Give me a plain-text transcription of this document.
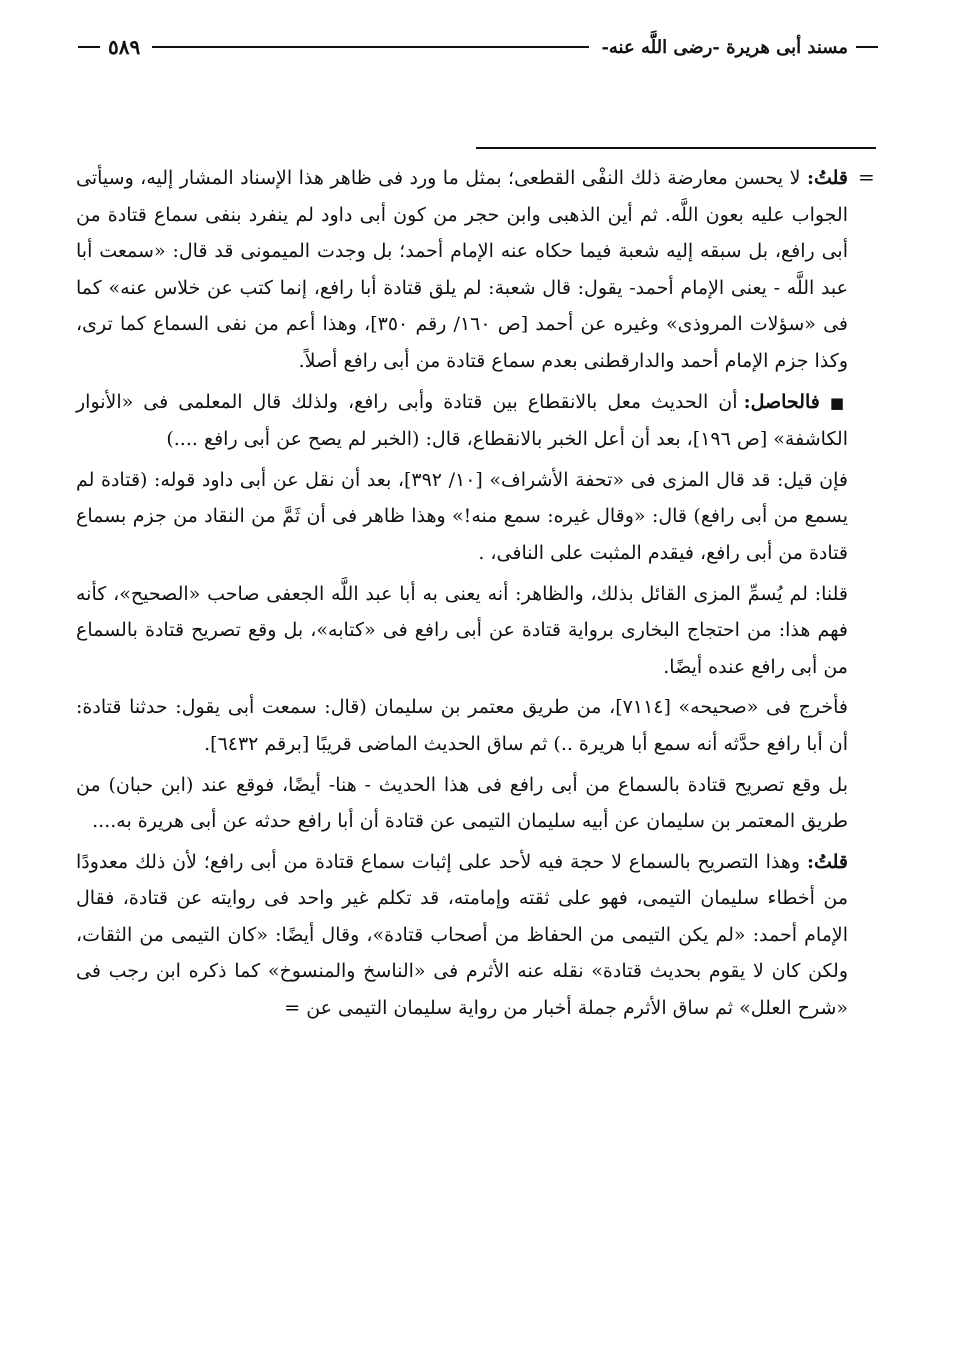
مسند أبى هريرة -رضى اللَّه عنه-
٥٨٩
=

قلتُ: لا يحسن معارضة ذلك النفْى القطعى؛ بمثل ما ورد فى ظاهر هذا الإسناد المشار إليه، وسيأتى الجواب عليه بعون اللَّه. ثم أين الذهبى وابن حجر من كون أبى داود لم ينفرد بنفى سماع قتادة من أبى رافع، بل سبقه إليه شعبة فيما حكاه عنه الإمام أحمد؛ بل وجدت الميمونى قد قال: «سمعت أبا عبد اللَّه - يعنى الإمام أحمد- يقول: قال شعبة: لم يلق قتادة أبا رافع، إنما كتب عن خلاس عنه» كما فى «سؤلات المروذى» وغيره عن أحمد [ص ١٦٠/ رقم ٣٥٠]، وهذا أعم من نفى السماع كما ترى، وكذا جزم الإمام أحمد والدارقطنى بعدم سماع قتادة من أبى رافع أصلاً.

■ فالحاصل: أن الحديث معل بالانقطاع بين قتادة وأبى رافع، ولذلك قال المعلمى فى «الأنوار الكاشفة» [ص ١٩٦]، بعد أن أعل الخبر بالانقطاع، قال: (الخبر لم يصح عن أبى رافع ....)

فإن قيل: قد قال المزى فى «تحفة الأشراف» [١٠/ ٣٩٢]، بعد أن نقل عن أبى داود قوله: (قتادة لم يسمع من أبى رافع) قال: «وقال غيره: سمع منه!» وهذا ظاهر فى أن ثَمَّ من النقاد من جزم بسماع قتادة من أبى رافع، فيقدم المثبت على النافى، .

قلنا: لم يُسمِّ المزى القائل بذلك، والظاهر: أنه يعنى به أبا عبد اللَّه الجعفى صاحب «الصحيح»، كأنه فهم هذا: من احتجاج البخارى برواية قتادة عن أبى رافع فى «كتابه»، بل وقع تصريح قتادة بالسماع من أبى رافع عنده أيضًا.

فأخرج فى «صحيحه» [٧١١٤]، من طريق معتمر بن سليمان (قال: سمعت أبى يقول: حدثنا قتادة: أن أبا رافع حدَّثه أنه سمع أبا هريرة ..) ثم ساق الحديث الماضى قريبًا [برقم ٦٤٣٢].

بل وقع تصريح قتادة بالسماع من أبى رافع فى هذا الحديث - هنا- أيضًا، فوقع عند (ابن حبان) من طريق المعتمر بن سليمان عن أبيه سليمان التيمى عن قتادة أن أبا رافع حدثه عن أبى هريرة به....

قلتُ: وهذا التصريح بالسماع لا حجة فيه لأحد على إثبات سماع قتادة من أبى رافع؛ لأن ذلك معدودًا من أخطاء سليمان التيمى، فهو على ثقته وإمامته، قد تكلم غير واحد فى روايته عن قتادة، فقال الإمام أحمد: «لم يكن التيمى من الحفاظ من أصحاب قتادة»، وقال أيضًا: «كان التيمى من الثقات، ولكن كان لا يقوم بحديث قتادة» نقله عنه الأثرم فى «الناسخ والمنسوخ» كما ذكره ابن رجب فى «شرح العلل» ثم ساق الأثرم جملة أخبار من رواية سليمان التيمى عن =
